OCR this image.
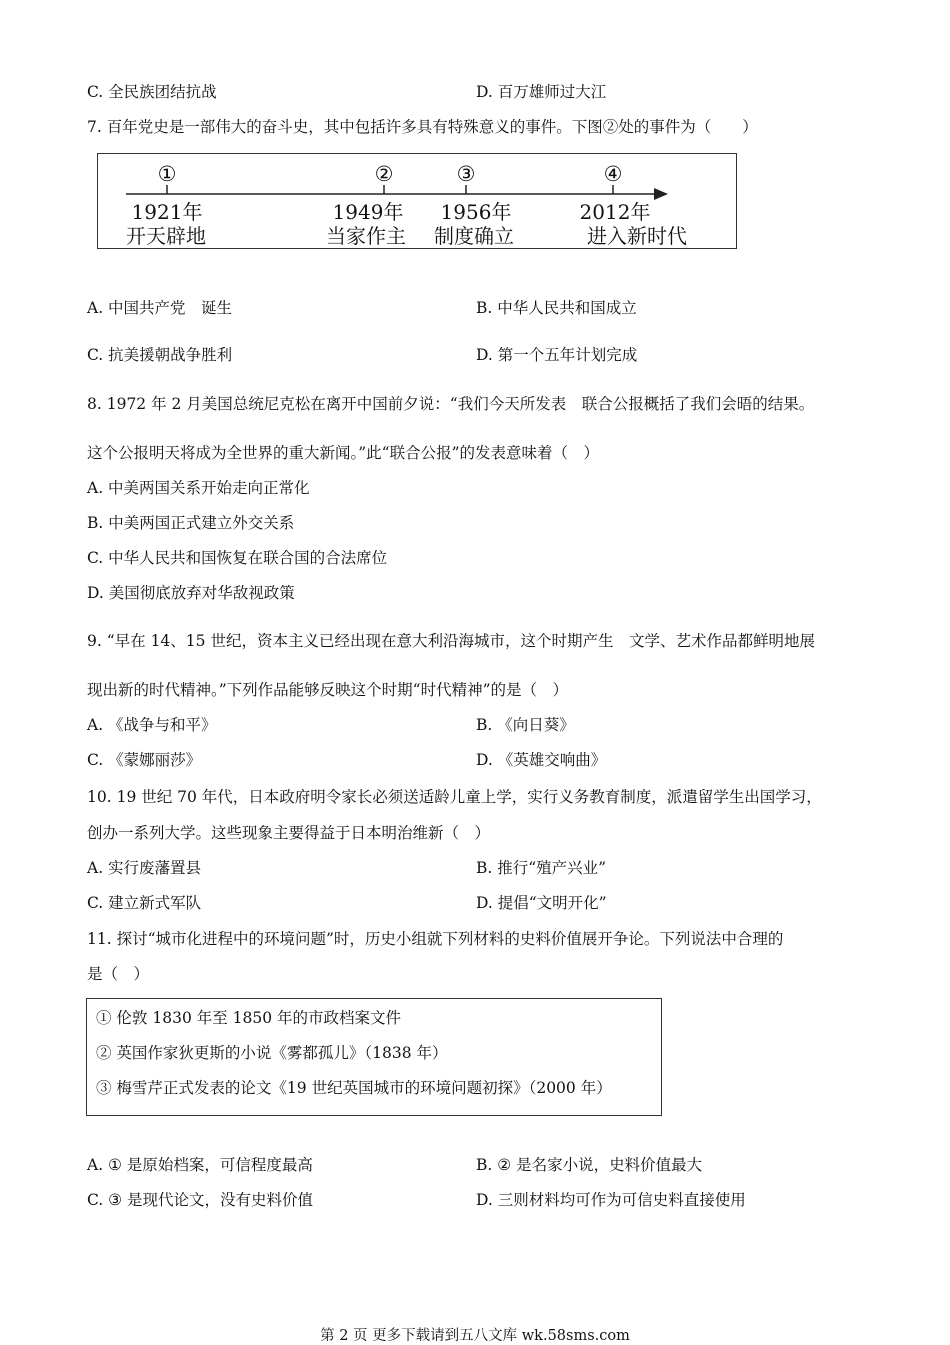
C. 全民族团结抗战	D. 百万雄师过大江
7. 百年党史是一部伟大的奋斗史，其中包括许多具有特殊意义的事件。下图②处的事件为（　　）
①	②	③	④
1921年	1949年 1956年	2012年
开天辟地	当家作主 制度确立	进入新时代
A. 中国共产党　诞生	B. 中华人民共和国成立
C. 抗美援朝战争胜利	D. 第一个五年计划完成
8. 1972 年 2 月美国总统尼克松在离开中国前夕说：“我们今天所发表　联合公报概括了我们会晤的结果。
这个公报明天将成为全世界的重大新闻。”此“联合公报”的发表意味着（　）
A. 中美两国关系开始走向正常化
B. 中美两国正式建立外交关系
C. 中华人民共和国恢复在联合国的合法席位
D. 美国彻底放弃对华敌视政策
9. “早在 14、15 世纪，资本主义已经出现在意大利沿海城市，这个时期产生　文学、艺术作品都鲜明地展
现出新的时代精神。”下列作品能够反映这个时期“时代精神”的是（　）
A. 《战争与和平》	B. 《向日葵》
C. 《蒙娜丽莎》	D. 《英雄交响曲》
10. 19 世纪 70 年代，日本政府明令家长必须送适龄儿童上学，实行义务教育制度，派遣留学生出国学习，
创办一系列大学。这些现象主要得益于日本明治维新（　）
A. 实行废藩置县	B. 推行“殖产兴业”
C. 建立新式军队	D. 提倡“文明开化”
11. 探讨“城市化进程中的环境问题”时，历史小组就下列材料的史料价值展开争论。下列说法中合理的
是（　）
① 伦敦 1830 年至 1850 年的市政档案文件
② 英国作家狄更斯的小说《雾都孤儿》（1838 年）
③ 梅雪芹正式发表的论文《19 世纪英国城市的环境问题初探》（2000 年）
A. ① 是原始档案，可信程度最高	B. ② 是名家小说，史料价值最大
C. ③ 是现代论文，没有史料价值	D. 三则材料均可作为可信史料直接使用
第 2 页 更多下载请到五八文库 wk.58sms.com
